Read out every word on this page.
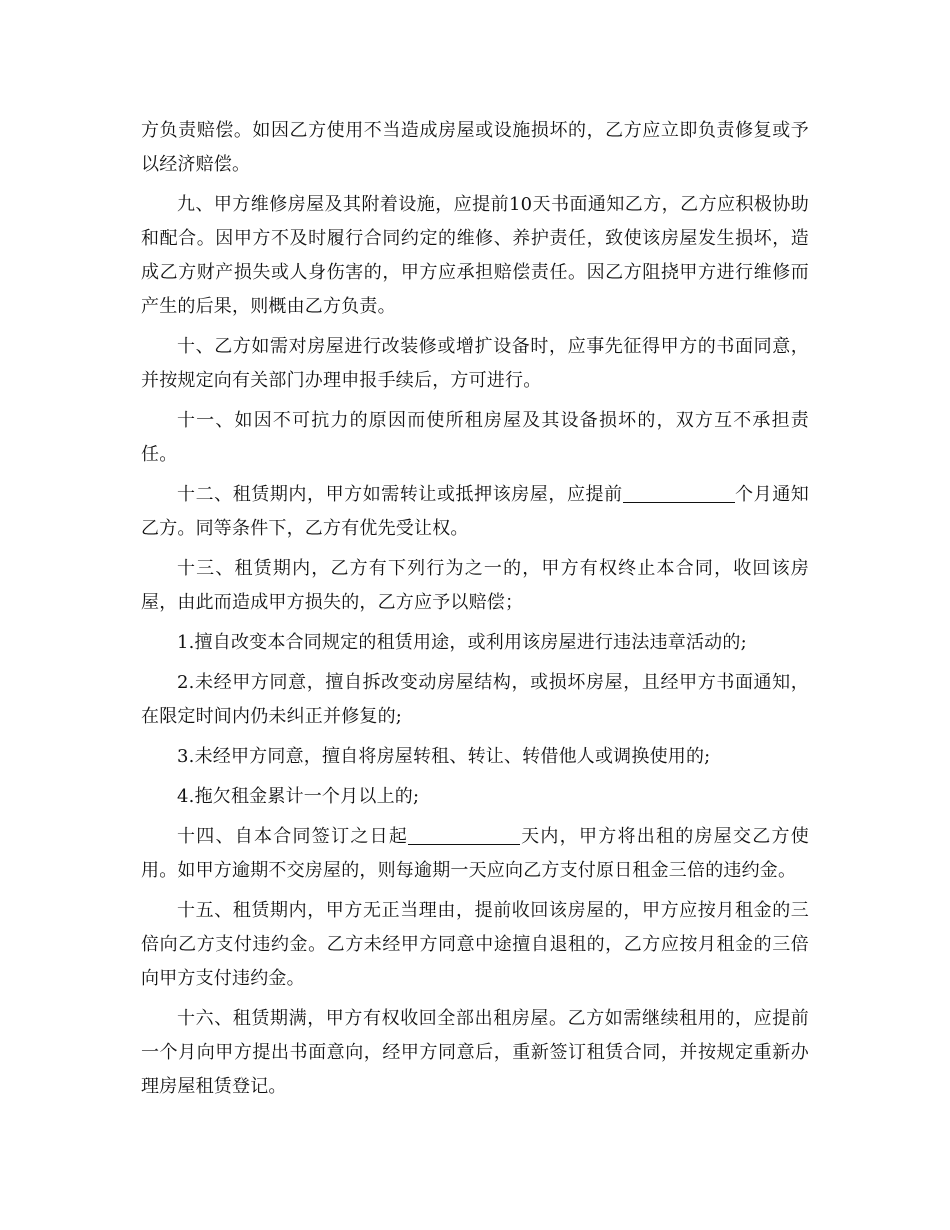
方负责赔偿。如因乙方使用不当造成房屋或设施损坏的，乙方应立即负责修复或予以经济赔偿。

九、甲方维修房屋及其附着设施，应提前10天书面通知乙方，乙方应积极协助和配合。因甲方不及时履行合同约定的维修、养护责任，致使该房屋发生损坏，造成乙方财产损失或人身伤害的，甲方应承担赔偿责任。因乙方阻挠甲方进行维修而产生的后果，则概由乙方负责。

十、乙方如需对房屋进行改装修或增扩设备时，应事先征得甲方的书面同意，并按规定向有关部门办理申报手续后，方可进行。

十一、如因不可抗力的原因而使所租房屋及其设备损坏的，双方互不承担责任。

十二、租赁期内，甲方如需转让或抵押该房屋，应提前	个月通知乙方。同等条件下，乙方有优先受让权。

十三、租赁期内，乙方有下列行为之一的，甲方有权终止本合同，收回该房屋，由此而造成甲方损失的，乙方应予以赔偿；

1.擅自改变本合同规定的租赁用途，或利用该房屋进行违法违章活动的;

2.未经甲方同意，擅自拆改变动房屋结构，或损坏房屋，且经甲方书面通知，在限定时间内仍未纠正并修复的;

3.未经甲方同意，擅自将房屋转租、转让、转借他人或调换使用的;

4.拖欠租金累计一个月以上的;

十四、自本合同签订之日起	天内，甲方将出租的房屋交乙方使用。如甲方逾期不交房屋的，则每逾期一天应向乙方支付原日租金三倍的违约金。

十五、租赁期内，甲方无正当理由，提前收回该房屋的，甲方应按月租金的三倍向乙方支付违约金。乙方未经甲方同意中途擅自退租的，乙方应按月租金的三倍向甲方支付违约金。

十六、租赁期满，甲方有权收回全部出租房屋。乙方如需继续租用的，应提前一个月向甲方提出书面意向，经甲方同意后，重新签订租赁合同，并按规定重新办理房屋租赁登记。
